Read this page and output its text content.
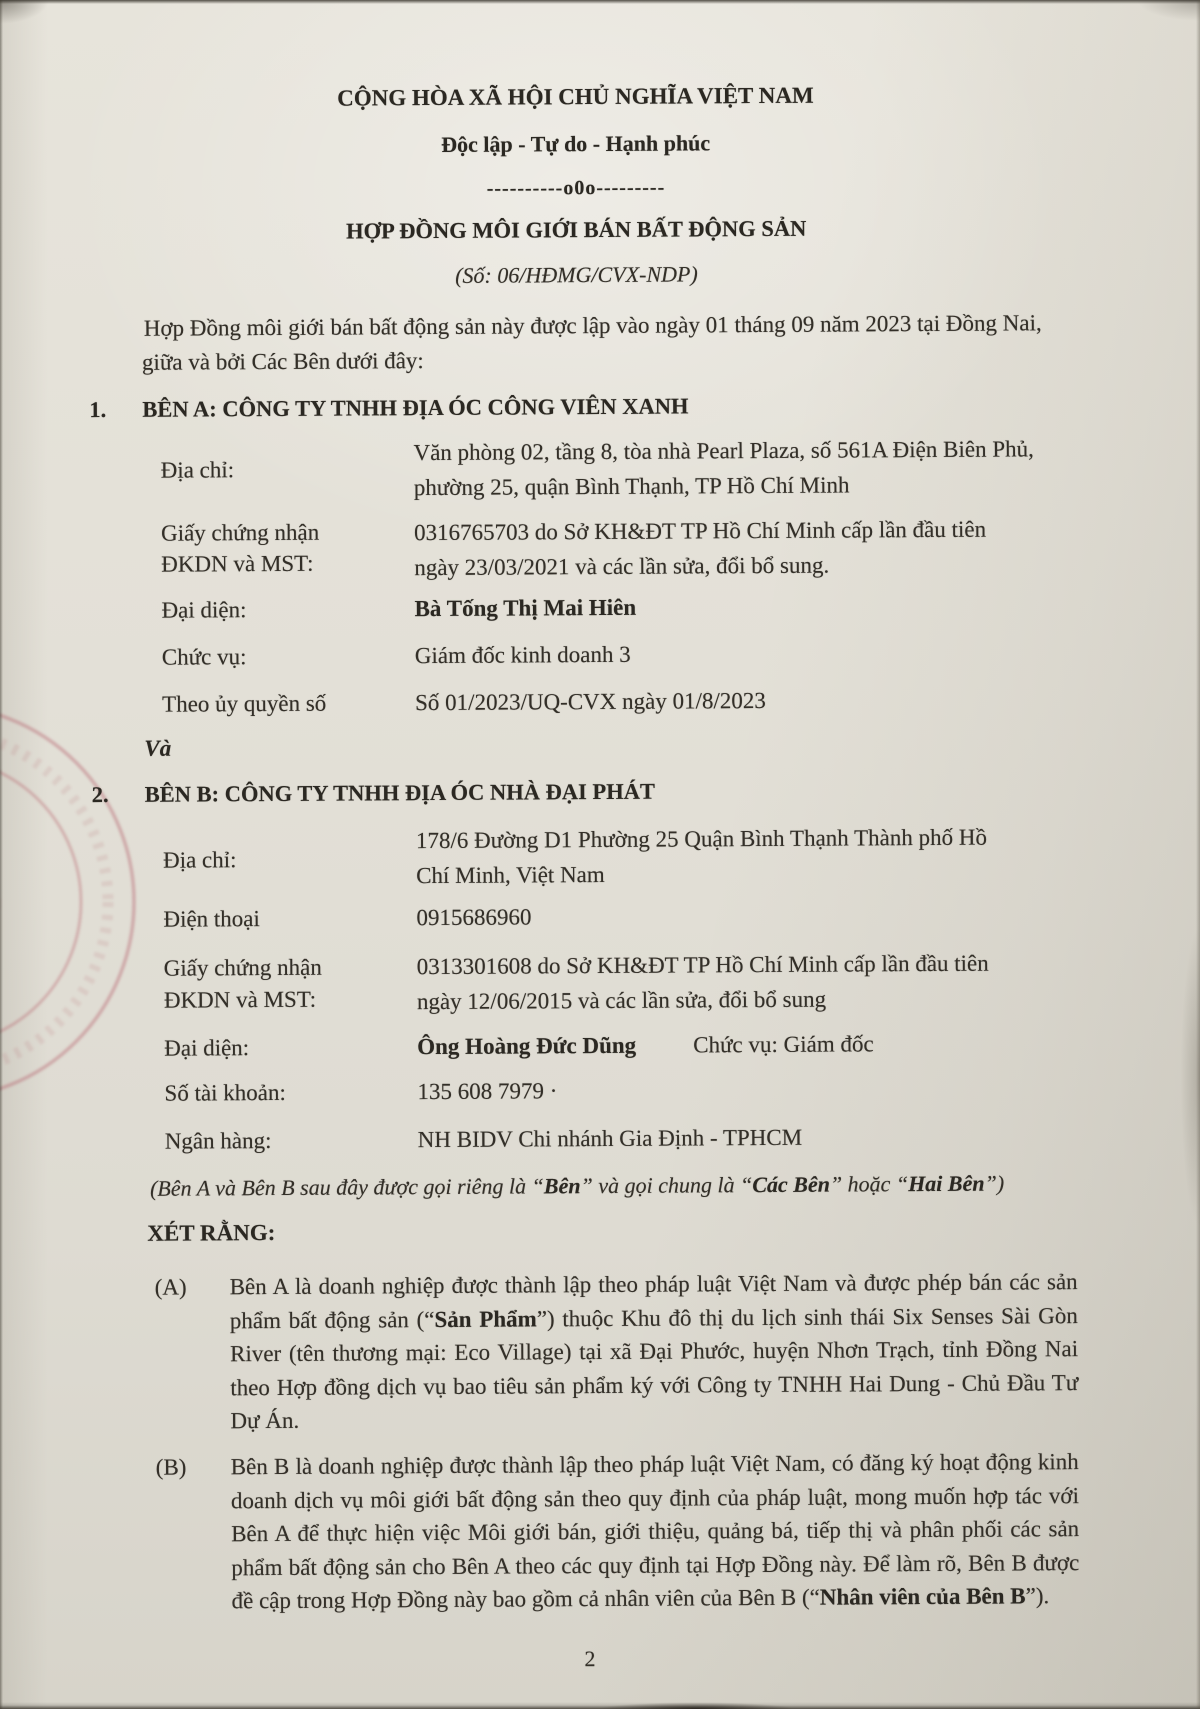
CỘNG HÒA XÃ HỘI CHỦ NGHĨA VIỆT NAM
Độc lập - Tự do - Hạnh phúc
----------o0o---------
HỢP ĐỒNG MÔI GIỚI BÁN BẤT ĐỘNG SẢN
(Số: 06/HĐMG/CVX-NDP)
Hợp Đồng môi giới bán bất động sản này được lập vào ngày 01 tháng 09 năm 2023 tại Đồng Nai,
giữa và bởi Các Bên dưới đây:
1. BÊN A: CÔNG TY TNHH ĐỊA ÓC CÔNG VIÊN XANH
Địa chỉ:
Văn phòng 02, tầng 8, tòa nhà Pearl Plaza, số 561A Điện Biên Phủ,
phường 25, quận Bình Thạnh, TP Hồ Chí Minh
Giấy chứng nhận
ĐKDN và MST:
0316765703 do Sở KH&ĐT TP Hồ Chí Minh cấp lần đầu tiên
ngày 23/03/2021 và các lần sửa, đổi bổ sung.
Đại diện:	Bà Tống Thị Mai Hiên
Chức vụ:	Giám đốc kinh doanh 3
Theo ủy quyền số	Số 01/2023/UQ-CVX ngày 01/8/2023
Và
2. BÊN B: CÔNG TY TNHH ĐỊA ÓC NHÀ ĐẠI PHÁT
Địa chỉ:
178/6 Đường D1 Phường 25 Quận Bình Thạnh Thành phố Hồ
Chí Minh, Việt Nam
Điện thoại	0915686960
Giấy chứng nhận
ĐKDN và MST:
0313301608 do Sở KH&ĐT TP Hồ Chí Minh cấp lần đầu tiên
ngày 12/06/2015 và các lần sửa, đổi bổ sung
Đại diện:	Ông Hoàng Đức Dũng Chức vụ: Giám đốc
Số tài khoản:	135 608 7979 ·
Ngân hàng:	NH BIDV Chi nhánh Gia Định - TPHCM
(Bên A và Bên B sau đây được gọi riêng là “Bên” và gọi chung là “Các Bên” hoặc “Hai Bên”)
XÉT RẰNG:
(A) Bên A là doanh nghiệp được thành lập theo pháp luật Việt Nam và được phép bán các sản
phẩm bất động sản (“Sản Phẩm”) thuộc Khu đô thị du lịch sinh thái Six Senses Sài Gòn
River (tên thương mại: Eco Village) tại xã Đại Phước, huyện Nhơn Trạch, tỉnh Đồng Nai
theo Hợp đồng dịch vụ bao tiêu sản phẩm ký với Công ty TNHH Hai Dung - Chủ Đầu Tư
Dự Án.
(B) Bên B là doanh nghiệp được thành lập theo pháp luật Việt Nam, có đăng ký hoạt động kinh
doanh dịch vụ môi giới bất động sản theo quy định của pháp luật, mong muốn hợp tác với
Bên A để thực hiện việc Môi giới bán, giới thiệu, quảng bá, tiếp thị và phân phối các sản
phẩm bất động sản cho Bên A theo các quy định tại Hợp Đồng này. Để làm rõ, Bên B được
đề cập trong Hợp Đồng này bao gồm cả nhân viên của Bên B (“Nhân viên của Bên B”).
2
